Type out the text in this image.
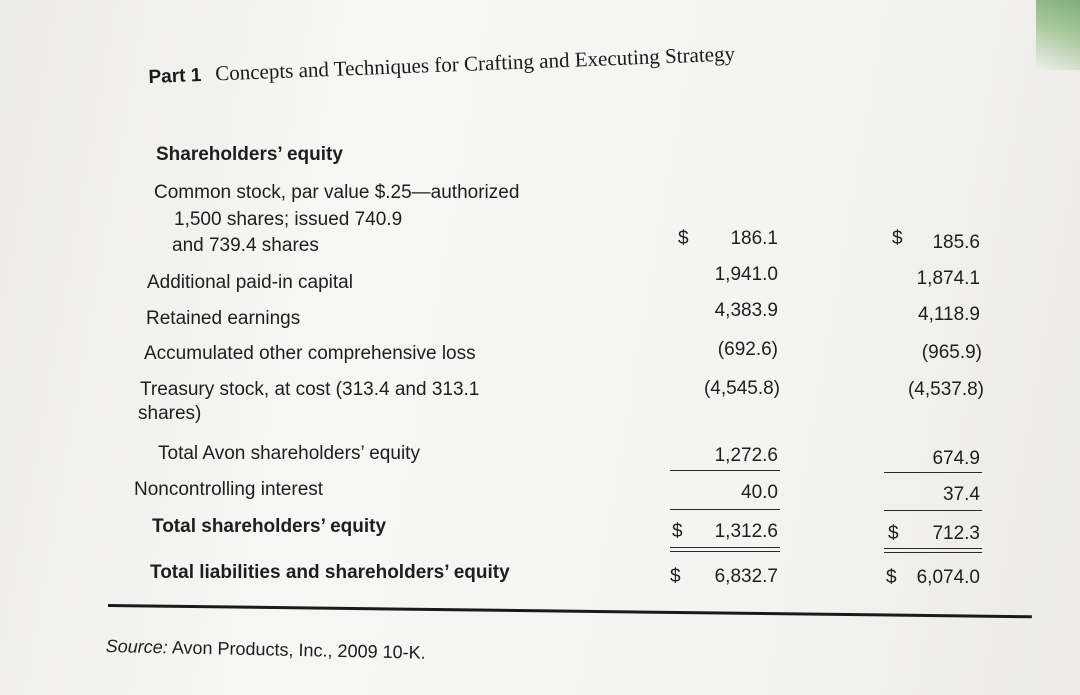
Part 1 Concepts and Techniques for Crafting and Executing Strategy
Shareholders’ equity
Common stock, par value $.25—authorized
1,500 shares; issued 740.9
and 739.4 shares	$	186.1	$	185.6
Additional paid-in capital	1,941.0	1,874.1
Retained earnings	4,383.9	4,118.9
Accumulated other comprehensive loss	(692.6)	(965.9)
Treasury stock, at cost (313.4 and 313.1
shares)
(4,545.8)	(4,537.8)
Total Avon shareholders’ equity	1,272.6	674.9
Noncontrolling interest	40.0	37.4
Total shareholders’ equity	$	1,312.6	$	712.3
Total liabilities and shareholders’ equity	$	6,832.7	$	6,074.0
Source: Avon Products, Inc., 2009 10-K.
